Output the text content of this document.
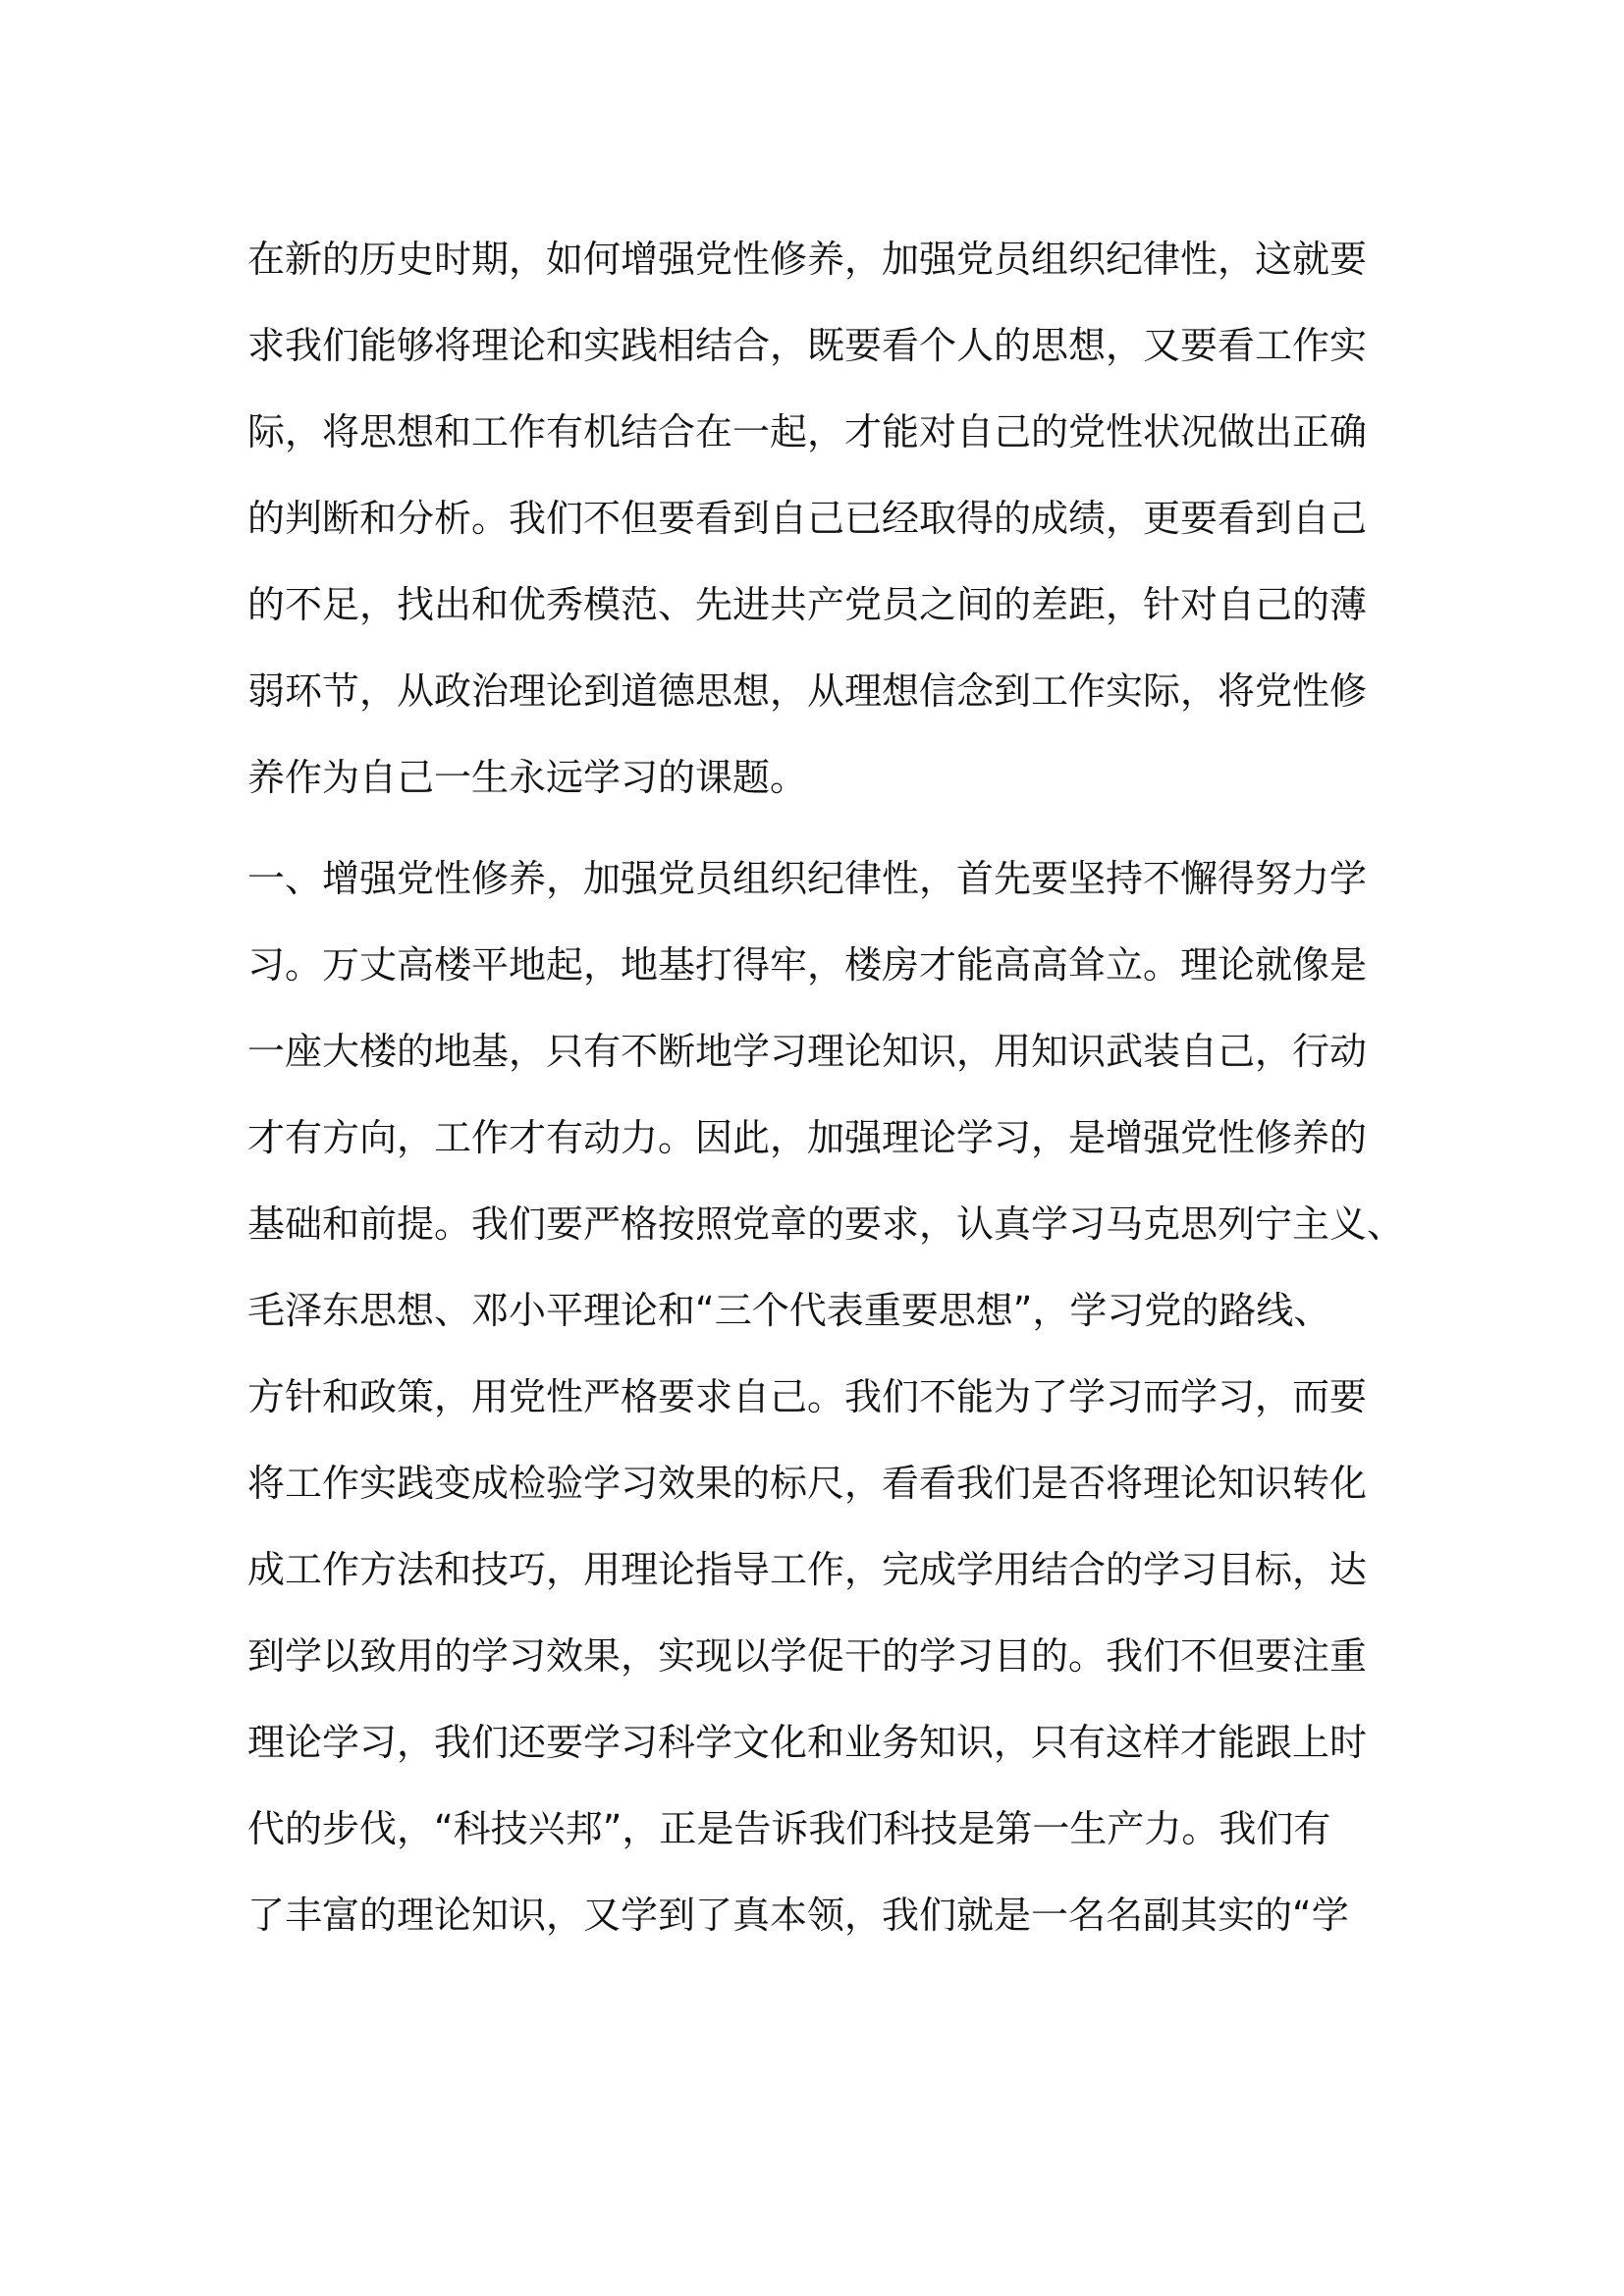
在新的历史时期，如何增强党性修养，加强党员组织纪律性，这就要
求我们能够将理论和实践相结合，既要看个人的思想，又要看工作实
际，将思想和工作有机结合在一起，才能对自己的党性状况做出正确
的判断和分析。我们不但要看到自己已经取得的成绩，更要看到自己
的不足，找出和优秀模范、先进共产党员之间的差距，针对自己的薄
弱环节，从政治理论到道德思想，从理想信念到工作实际，将党性修
养作为自己一生永远学习的课题。
一、增强党性修养，加强党员组织纪律性，首先要坚持不懈得努力学
习。万丈高楼平地起，地基打得牢，楼房才能高高耸立。理论就像是
一座大楼的地基，只有不断地学习理论知识，用知识武装自己，行动
才有方向，工作才有动力。因此，加强理论学习，是增强党性修养的
基础和前提。我们要严格按照党章的要求，认真学习马克思列宁主义、
毛泽东思想、邓小平理论和“三个代表重要思想”，学习党的路线、
方针和政策，用党性严格要求自己。我们不能为了学习而学习，而要
将工作实践变成检验学习效果的标尺，看看我们是否将理论知识转化
成工作方法和技巧，用理论指导工作，完成学用结合的学习目标，达
到学以致用的学习效果，实现以学促干的学习目的。我们不但要注重
理论学习，我们还要学习科学文化和业务知识，只有这样才能跟上时
代的步伐，“科技兴邦”，正是告诉我们科技是第一生产力。我们有
了丰富的理论知识，又学到了真本领，我们就是一名名副其实的“学
